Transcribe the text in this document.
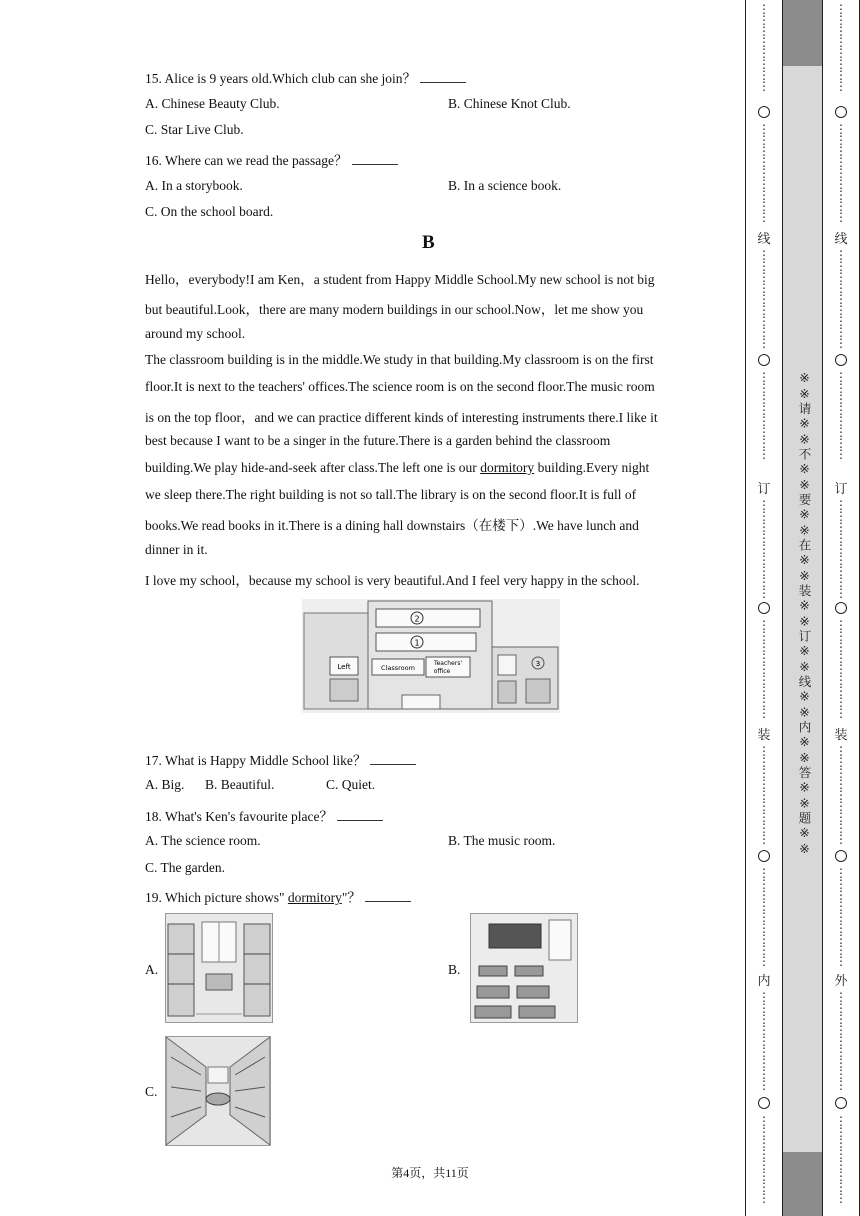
15. Alice is 9 years old.Which club can she join？
A. Chinese Beauty Club.	B. Chinese Knot Club.
C. Star Live Club.
16. Where can we read the passage？
A. In a storybook.	B. In a science book.
C. On the school board.
B
Hello，everybody!I am Ken，a student from Happy Middle School.My new school is not big
but beautiful.Look，there are many modern buildings in our school.Now，let me show you
around my school.
The classroom building is in the middle.We study in that building.My classroom is on the first
floor.It is next to the teachers' offices.The science room is on the second floor.The music room
is on the top floor，and we can practice different kinds of interesting instruments there.I like it
best because I want to be a singer in the future.There is a garden behind the classroom
building.We play hide-and-seek after class.The left one is our dormitory building.Every night
we sleep there.The right building is not so tall.The library is on the second floor.It is full of
books.We read books in it.There is a dining hall downstairs（在楼下）.We have lunch and
dinner in it.
I love my school，because my school is very beautiful.And I feel very happy in the school.
2
1
Left	Classroom
Teachers'
office
3
17. What is Happy Middle School like？
A. Big. B. Beautiful.	C. Quiet.
18. What's Ken's favourite place？
A. The science room.	B. The music room.
C. The garden.
19. Which picture shows" dormitory"？
A.	B.
C.
第4页，共11页
※※请※※不※※要※※在※※装※※订※※线※※内※※答※※题※※
⋮
⋮
⋮
⋮
⋮
⋮
⋮
⋮
⋮
⋮
⋮
⋮
⋮
⋮
⋮
⋮
⋮
线
⋮
⋮
⋮
⋮
⋮
⋮
⋮
⋮
⋮
⋮
⋮
⋮
⋮
⋮
⋮
⋮
⋮
订
⋮
⋮
⋮
⋮
⋮
⋮
⋮
⋮
⋮
⋮
⋮
⋮
⋮
⋮
⋮
⋮
⋮
⋮
装
⋮
⋮
⋮
⋮
⋮
⋮
⋮
⋮
⋮
⋮
⋮
⋮
⋮
⋮
⋮
⋮
⋮
⋮
内
⋮
⋮
⋮
⋮
⋮
⋮
⋮
⋮
⋮
⋮
⋮
⋮
⋮
⋮
⋮
⋮
⋮
⋮
⋮
⋮
⋮
⋮
⋮
⋮
⋮
⋮
⋮
⋮
⋮
⋮
⋮
⋮
⋮
⋮
线
⋮
⋮
⋮
⋮
⋮
⋮
⋮
⋮
⋮
⋮
⋮
⋮
⋮
⋮
⋮
⋮
⋮
订
⋮
⋮
⋮
⋮
⋮
⋮
⋮
⋮
⋮
⋮
⋮
⋮
⋮
⋮
⋮
⋮
⋮
⋮
装
⋮
⋮
⋮
⋮
⋮
⋮
⋮
⋮
⋮
⋮
⋮
⋮
⋮
⋮
⋮
⋮
⋮
⋮
外
⋮
⋮
⋮
⋮
⋮
⋮
⋮
⋮
⋮
⋮
⋮
⋮
⋮
⋮
⋮
⋮
⋮
